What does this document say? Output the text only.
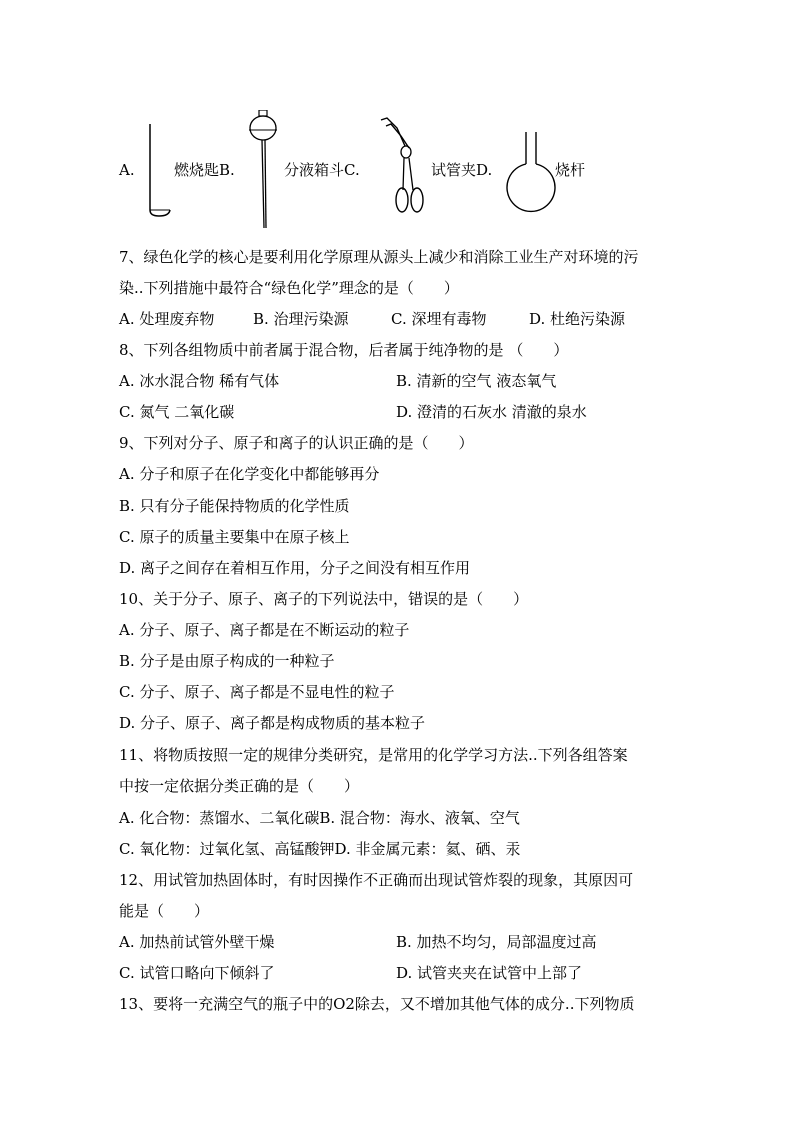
A.	燃烧匙B.	分液箱斗C.	试管夹D.	烧杆
7、绿色化学的核心是要利用化学原理从源头上减少和消除工业生产对环境的污
染..下列措施中最符合“绿色化学”理念的是（　　）
A. 处理废弃物	B. 治理污染源	C. 深埋有毒物	D. 杜绝污染源
8、下列各组物质中前者属于混合物，后者属于纯净物的是 （　　）
A. 冰水混合物 稀有气体	B. 清新的空气 液态氧气
C. 氮气 二氧化碳	D. 澄清的石灰水 清澈的泉水
9、下列对分子、原子和离子的认识正确的是（　　）
A. 分子和原子在化学变化中都能够再分
B. 只有分子能保持物质的化学性质
C. 原子的质量主要集中在原子核上
D. 离子之间存在着相互作用，分子之间没有相互作用
10、关于分子、原子、离子的下列说法中，错误的是（　　）
A. 分子、原子、离子都是在不断运动的粒子
B. 分子是由原子构成的一种粒子
C. 分子、原子、离子都是不显电性的粒子
D. 分子、原子、离子都是构成物质的基本粒子
11、将物质按照一定的规律分类研究，是常用的化学学习方法..下列各组答案
中按一定依据分类正确的是（　　）
A. 化合物：蒸馏水、二氧化碳B. 混合物：海水、液氧、空气
C. 氧化物：过氧化氢、高锰酸钾D. 非金属元素：氦、硒、汞
12、用试管加热固体时，有时因操作不正确而出现试管炸裂的现象，其原因可
能是（　　）
A. 加热前试管外壁干燥	B. 加热不均匀，局部温度过高
C. 试管口略向下倾斜了	D. 试管夹夹在试管中上部了
13、要将一充满空气的瓶子中的O2除去，又不增加其他气体的成分..下列物质
